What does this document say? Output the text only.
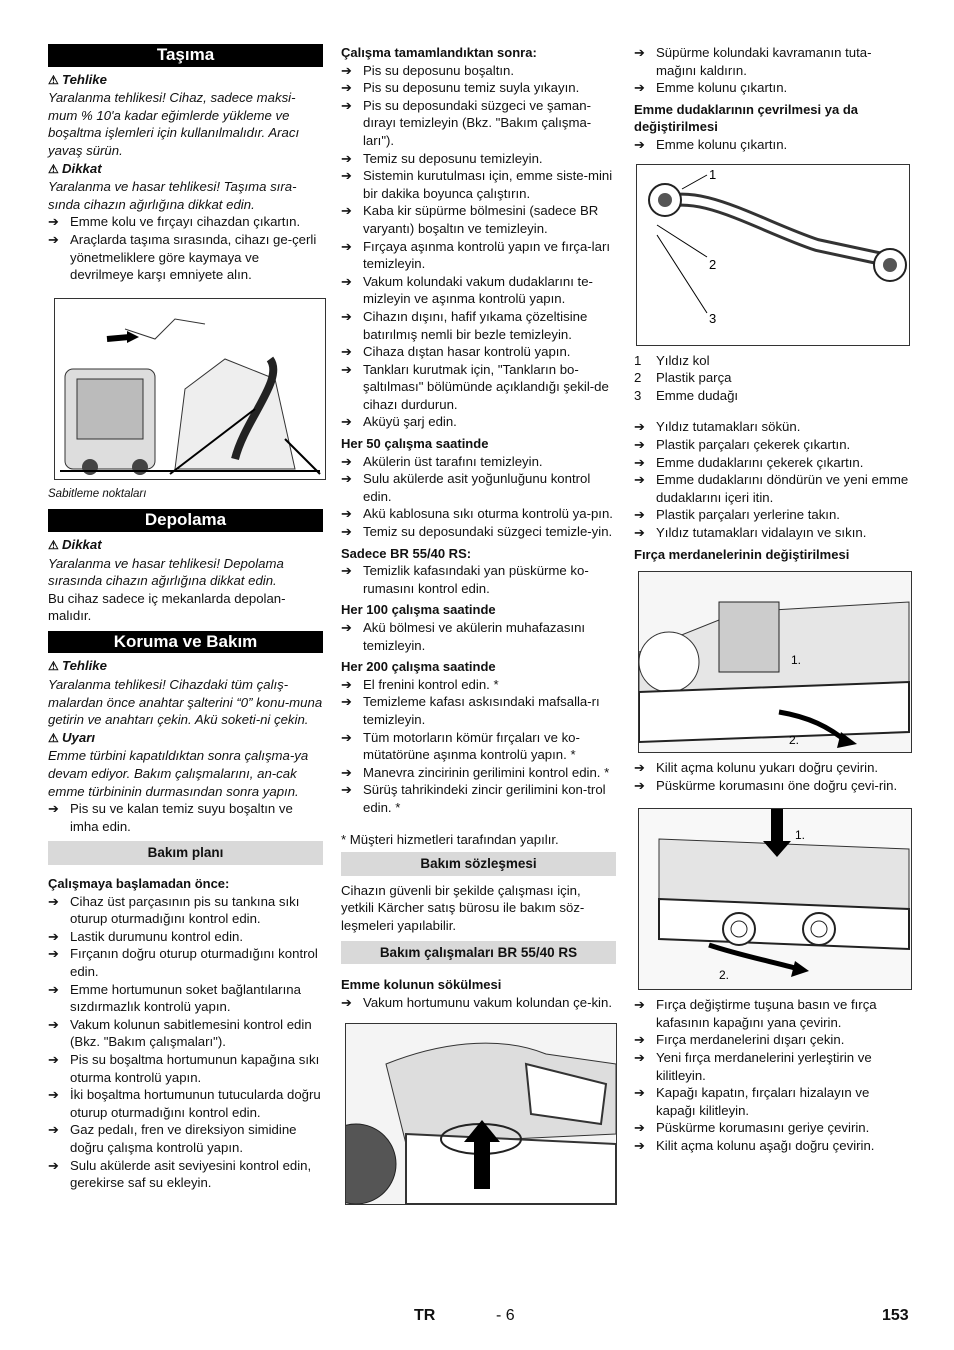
Taşıma
⚠ Tehlike
Yaralanma tehlikesi! Cihaz, sadece maksi-mum % 10'a kadar eğimlerde yükleme ve boşaltma işlemleri için kullanılmalıdır. Aracı yavaş sürün.
⚠ Dikkat
Yaralanma ve hasar tehlikesi! Taşıma sıra-sında cihazın ağırlığına dikkat edin.
➔ Emme kolu ve fırçayı cihazdan çıkartın.
➔ Araçlarda taşıma sırasında, cihazı ge-çerli yönetmeliklere göre kaymaya ve devrilmeye karşı emniyete alın.
Sabitleme noktaları
Depolama
⚠ Dikkat
Yaralanma ve hasar tehlikesi! Depolama sırasında cihazın ağırlığına dikkat edin.
Bu cihaz sadece iç mekanlarda depolan-malıdır.
Koruma ve Bakım
⚠ Tehlike
Yaralanma tehlikesi! Cihazdaki tüm çalış-malardan önce anahtar şalterini “0” konu-muna getirin ve anahtarı çekin. Akü soketi-ni çekin.
⚠ Uyarı
Emme türbini kapatıldıktan sonra çalışma-ya devam ediyor. Bakım çalışmalarını, an-cak emme türbininin durmasından sonra yapın.
➔ Pis su ve kalan temiz suyu boşaltın ve imha edin.
Bakım planı
Çalışmaya başlamadan önce:
➔ Cihaz üst parçasının pis su tankına sıkı oturup oturmadığını kontrol edin.
➔ Lastik durumunu kontrol edin.
➔ Fırçanın doğru oturup oturmadığını kontrol edin.
➔ Emme hortumunun soket bağlantılarına sızdırmazlık kontrolü yapın.
➔ Vakum kolunun sabitlemesini kontrol edin (Bkz. "Bakım çalışmaları").
➔ Pis su boşaltma hortumunun kapağına sıkı oturma kontrolü yapın.
➔ İki boşaltma hortumunun tutucularda doğru oturup oturmadığını kontrol edin.
➔ Gaz pedalı, fren ve direksiyon simidine doğru çalışma kontrolü yapın.
➔ Sulu akülerde asit seviyesini kontrol edin, gerekirse saf su ekleyin.
Çalışma tamamlandıktan sonra:
➔ Pis su deposunu boşaltın.
➔ Pis su deposunu temiz suyla yıkayın.
➔ Pis su deposundaki süzgeci ve şaman-dırayı temizleyin (Bkz. "Bakım çalışma-ları").
➔ Temiz su deposunu temizleyin.
➔ Sistemin kurutulması için, emme siste-mini bir dakika boyunca çalıştırın.
➔ Kaba kir süpürme bölmesini (sadece BR varyantı) boşaltın ve temizleyin.
➔ Fırçaya aşınma kontrolü yapın ve fırça-ları temizleyin.
➔ Vakum kolundaki vakum dudaklarını te-mizleyin ve aşınma kontrolü yapın.
➔ Cihazın dışını, hafif yıkama çözeltisine batırılmış nemli bir bezle temizleyin.
➔ Cihaza dıştan hasar kontrolü yapın.
➔ Tankları kurutmak için, "Tankların bo-şaltılması" bölümünde açıklandığı şekil-de cihazı durdurun.
➔ Aküyü şarj edin.
Her 50 çalışma saatinde
➔ Akülerin üst tarafını temizleyin.
➔ Sulu akülerde asit yoğunluğunu kontrol edin.
➔ Akü kablosuna sıkı oturma kontrolü ya-pın.
➔ Temiz su deposundaki süzgeci temizle-yin.
Sadece BR 55/40 RS:
➔ Temizlik kafasındaki yan püskürme ko-rumasını kontrol edin.
Her 100 çalışma saatinde
➔ Akü bölmesi ve akülerin muhafazasını temizleyin.
Her 200 çalışma saatinde
➔ El frenini kontrol edin. *
➔ Temizleme kafası askısındaki mafsalla-rı temizleyin.
➔ Tüm motorların kömür fırçaları ve ko-mütatörüne aşınma kontrolü yapın. *
➔ Manevra zincirinin gerilimini kontrol edin. *
➔ Sürüş tahrikindeki zincir gerilimini kon-trol edin. *
* Müşteri hizmetleri tarafından yapılır.
Bakım sözleşmesi
Cihazın güvenli bir şekilde çalışması için, yetkili Kärcher satış bürosu ile bakım söz-leşmeleri yapılabilir.
Bakım çalışmaları BR 55/40 RS
Emme kolunun sökülmesi
➔ Vakum hortumunu vakum kolundan çe-kin.
➔ Süpürme kolundaki kavramanın tuta-mağını kaldırın.
➔ Emme kolunu çıkartın.
Emme dudaklarının çevrilmesi ya da değiştirilmesi
➔ Emme kolunu çıkartın.
1
2
3
1 Yıldız kol
2 Plastik parça
3 Emme dudağı
➔ Yıldız tutamakları sökün.
➔ Plastik parçaları çekerek çıkartın.
➔ Emme dudaklarını çekerek çıkartın.
➔ Emme dudaklarını döndürün ve yeni emme dudaklarını içeri itin.
➔ Plastik parçaları yerlerine takın.
➔ Yıldız tutamakları vidalayın ve sıkın.
Fırça merdanelerinin değiştirilmesi
1.
2.
➔ Kilit açma kolunu yukarı doğru çevirin.
➔ Püskürme korumasını öne doğru çevi-rin.
1.
2.
➔ Fırça değiştirme tuşuna basın ve fırça kafasının kapağını yana çevirin.
➔ Fırça merdanelerini dışarı çekin.
➔ Yeni fırça merdanelerini yerleştirin ve kilitleyin.
➔ Kapağı kapatın, fırçaları hizalayın ve kapağı kilitleyin.
➔ Püskürme korumasını geriye çevirin.
➔ Kilit açma kolunu aşağı doğru çevirin.
TR	- 6	153
